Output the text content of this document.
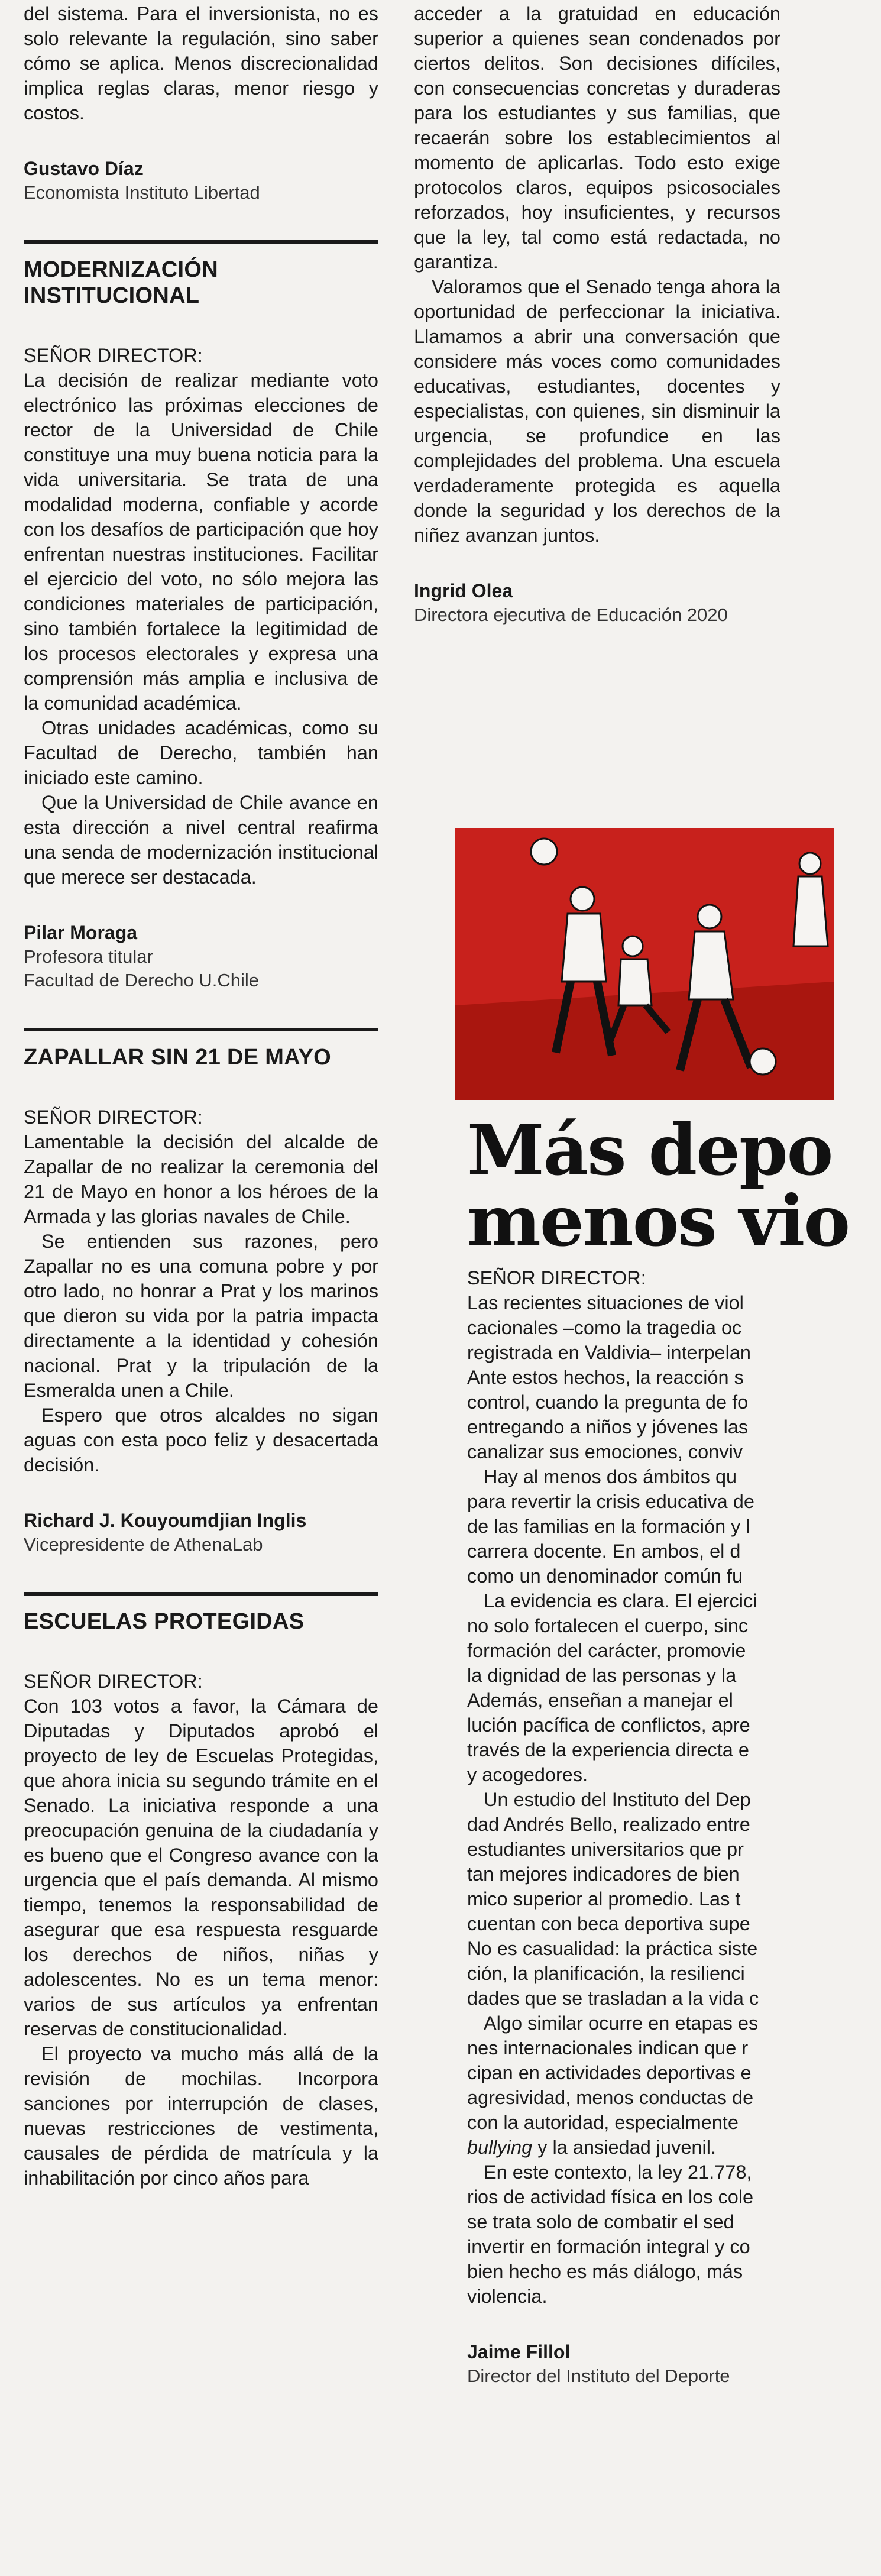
del sistema. Para el inversionista, no es solo relevante la regulación, sino saber cómo se aplica. Menos discrecionalidad implica reglas claras, menor riesgo y costos.

Gustavo Díaz

Economista Instituto Libertad

MODERNIZACIÓN INSTITUCIONAL

SEÑOR DIRECTOR:

La decisión de realizar mediante voto electrónico las próximas elecciones de rector de la Universidad de Chile constituye una muy buena noticia para la vida universitaria. Se trata de una modalidad moderna, confiable y acorde con los desafíos de participación que hoy enfrentan nuestras instituciones. Facilitar el ejercicio del voto, no sólo mejora las condiciones materiales de participación, sino también fortalece la legitimidad de los procesos electorales y expresa una comprensión más amplia e inclusiva de la comunidad académica.

Otras unidades académicas, como su Facultad de Derecho, también han iniciado este camino.

Que la Universidad de Chile avance en esta dirección a nivel central reafirma una senda de modernización institucional que merece ser destacada.

Pilar Moraga

Profesora titular

Facultad de Derecho U.Chile

ZAPALLAR SIN 21 DE MAYO

SEÑOR DIRECTOR:

Lamentable la decisión del alcalde de Zapallar de no realizar la ceremonia del 21 de Mayo en honor a los héroes de la Armada y las glorias navales de Chile.

Se entienden sus razones, pero Zapallar no es una comuna pobre y por otro lado, no honrar a Prat y los marinos que dieron su vida por la patria impacta directamente a la identidad y cohesión nacional. Prat y la tripulación de la Esmeralda unen a Chile.

Espero que otros alcaldes no sigan aguas con esta poco feliz y desacertada decisión.

Richard J. Kouyoumdjian Inglis

Vicepresidente de AthenaLab

ESCUELAS PROTEGIDAS

SEÑOR DIRECTOR:

Con 103 votos a favor, la Cámara de Diputadas y Diputados aprobó el proyecto de ley de Escuelas Protegidas, que ahora inicia su segundo trámite en el Senado. La iniciativa responde a una preocupación genuina de la ciudadanía y es bueno que el Congreso avance con la urgencia que el país demanda. Al mismo tiempo, tenemos la responsabilidad de asegurar que esa respuesta resguarde los derechos de niños, niñas y adolescentes. No es un tema menor: varios de sus artículos ya enfrentan reservas de constitucionalidad.

El proyecto va mucho más allá de la revisión de mochilas. Incorpora sanciones por interrupción de clases, nuevas restricciones de vestimenta, causales de pérdida de matrícula y la inhabilitación por cinco años para

acceder a la gratuidad en educación superior a quienes sean condenados por ciertos delitos. Son decisiones difíciles, con consecuencias concretas y duraderas para los estudiantes y sus familias, que recaerán sobre los establecimientos al momento de aplicarlas. Todo esto exige protocolos claros, equipos psicosociales reforzados, hoy insuficientes, y recursos que la ley, tal como está redactada, no garantiza.

Valoramos que el Senado tenga ahora la oportunidad de perfeccionar la iniciativa. Llamamos a abrir una conversación que considere más voces como comunidades educativas, estudiantes, docentes y especialistas, con quienes, sin disminuir la urgencia, se profundice en las complejidades del problema. Una escuela verdaderamente protegida es aquella donde la seguridad y los derechos de la niñez avanzan juntos.

Ingrid Olea

Directora ejecutiva de Educación 2020

Más depo
menos vio

SEÑOR DIRECTOR:

Las recientes situaciones de viol

cacionales –como la tragedia oc

registrada en Valdivia– interpelan

Ante estos hechos, la reacción s

control, cuando la pregunta de fo

entregando a niños y jóvenes las

canalizar sus emociones, conviv

Hay al menos dos ámbitos qu

para revertir la crisis educativa de

de las familias en la formación y l

carrera docente. En ambos, el d

como un denominador común fu

La evidencia es clara. El ejercici

no solo fortalecen el cuerpo, sinc

formación del carácter, promovie

la dignidad de las personas y la

Además, enseñan a manejar el

lución pacífica de conflictos, apre

través de la experiencia directa e

y acogedores.

Un estudio del Instituto del Dep

dad Andrés Bello, realizado entre

estudiantes universitarios que pr

tan mejores indicadores de bien

mico superior al promedio. Las t

cuentan con beca deportiva supe

No es casualidad: la práctica siste

ción, la planificación, la resilienci

dades que se trasladan a la vida c

Algo similar ocurre en etapas es

nes internacionales indican que r

cipan en actividades deportivas e

agresividad, menos conductas de

con la autoridad, especialmente

bullying y la ansiedad juvenil.

En este contexto, la ley 21.778,

rios de actividad física en los cole

se trata solo de combatir el sed

invertir en formación integral y co

bien hecho es más diálogo, más

violencia.

Jaime Fillol

Director del Instituto del Deporte
